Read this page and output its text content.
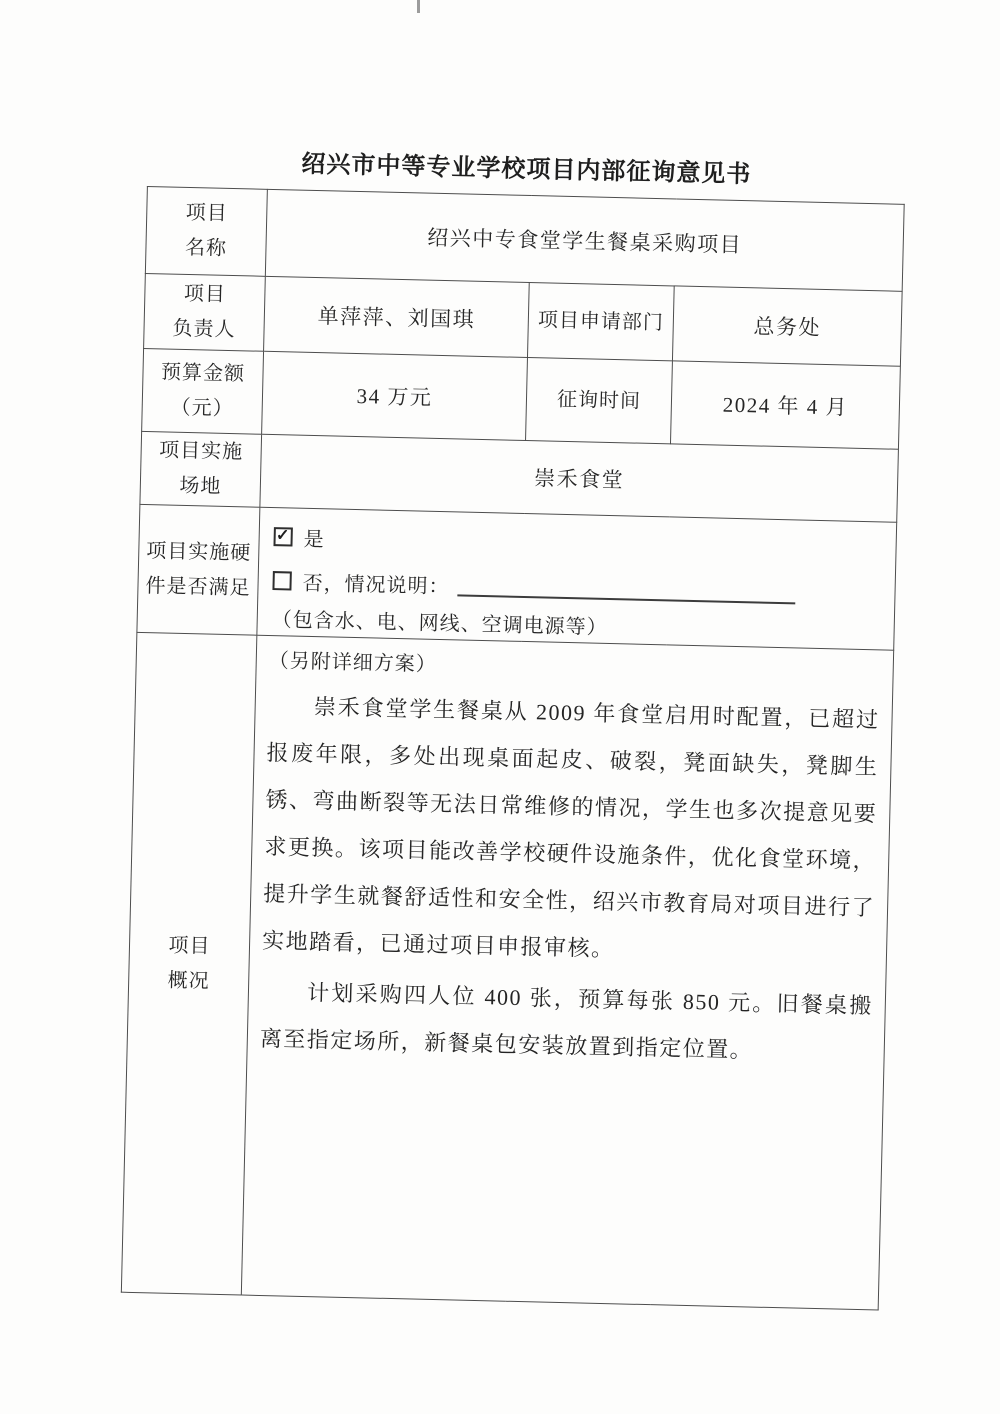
绍兴市中等专业学校项目内部征询意见书
项目
名称	绍兴中专食堂学生餐桌采购项目		

项目
负责人	单萍萍、刘国琪	项目申请部门	总务处

预算金额
（元）	34 万元	征询时间	2024 年 4 月

项目实施
场地	崇禾食堂		

项目实施硬
件是否满足

✓ 是
否，情况说明：
（包含水、电、网线、空调电源等）

项目
概况

（另附详细方案）

崇禾食堂学生餐桌从 2009 年食堂启用时配置，已超过报废年限，多处出现桌面起皮、破裂，凳面缺失，凳脚生锈、弯曲断裂等无法日常维修的情况，学生也多次提意见要求更换。该项目能改善学校硬件设施条件，优化食堂环境，提升学生就餐舒适性和安全性，绍兴市教育局对项目进行了实地踏看，已通过项目申报审核。

计划采购四人位 400 张，预算每张 850 元。旧餐桌搬离至指定场所，新餐桌包安装放置到指定位置。
